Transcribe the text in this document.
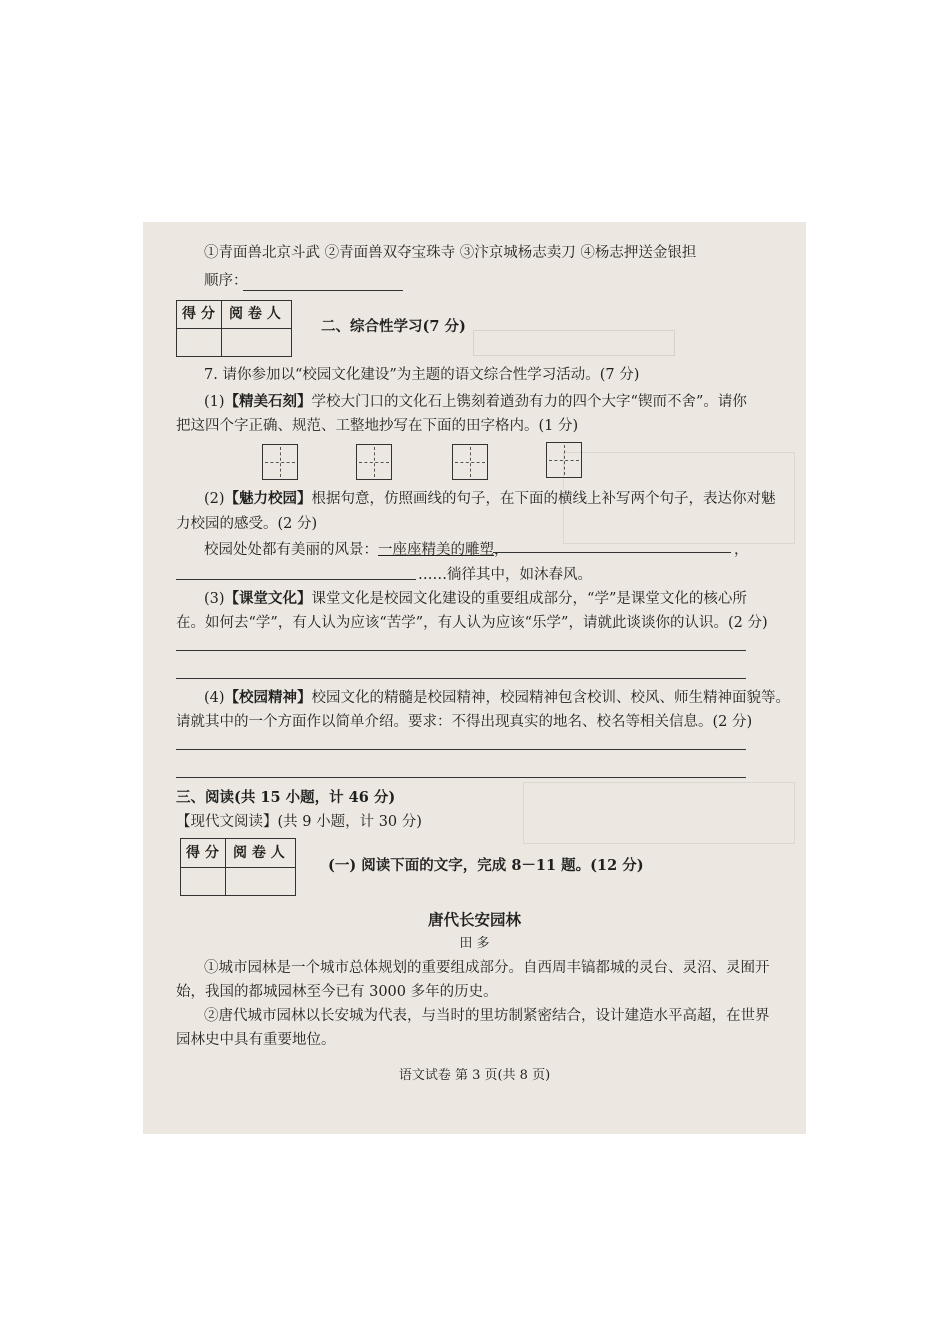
①青面兽北京斗武 ②青面兽双夺宝珠寺 ③汴京城杨志卖刀 ④杨志押送金银担
顺序：
得 分 阅 卷 人
二、综合性学习(7 分)
7. 请你参加以“校园文化建设”为主题的语文综合性学习活动。(7 分)
(1)【精美石刻】学校大门口的文化石上镌刻着遒劲有力的四个大字“锲而不舍”。请你
把这四个字正确、规范、工整地抄写在下面的田字格内。(1 分)
(2)【魅力校园】根据句意，仿照画线的句子，在下面的横线上补写两个句子，表达你对魅
力校园的感受。(2 分)
校园处处都有美丽的风景：一座座精美的雕塑，	，
……徜徉其中，如沐春风。
(3)【课堂文化】课堂文化是校园文化建设的重要组成部分，“学”是课堂文化的核心所
在。如何去“学”，有人认为应该“苦学”，有人认为应该“乐学”，请就此谈谈你的认识。(2 分)
(4)【校园精神】校园文化的精髓是校园精神，校园精神包含校训、校风、师生精神面貌等。
请就其中的一个方面作以简单介绍。要求：不得出现真实的地名、校名等相关信息。(2 分)
三、阅读(共 15 小题，计 46 分)
【现代文阅读】(共 9 小题，计 30 分)
得 分 阅 卷 人
(一) 阅读下面的文字，完成 8－11 题。(12 分)
唐代长安园林
田 多
①城市园林是一个城市总体规划的重要组成部分。自西周丰镐都城的灵台、灵沼、灵囿开
始，我国的都城园林至今已有 3000 多年的历史。
②唐代城市园林以长安城为代表，与当时的里坊制紧密结合，设计建造水平高超，在世界
园林史中具有重要地位。
语文试卷 第 3 页(共 8 页)
